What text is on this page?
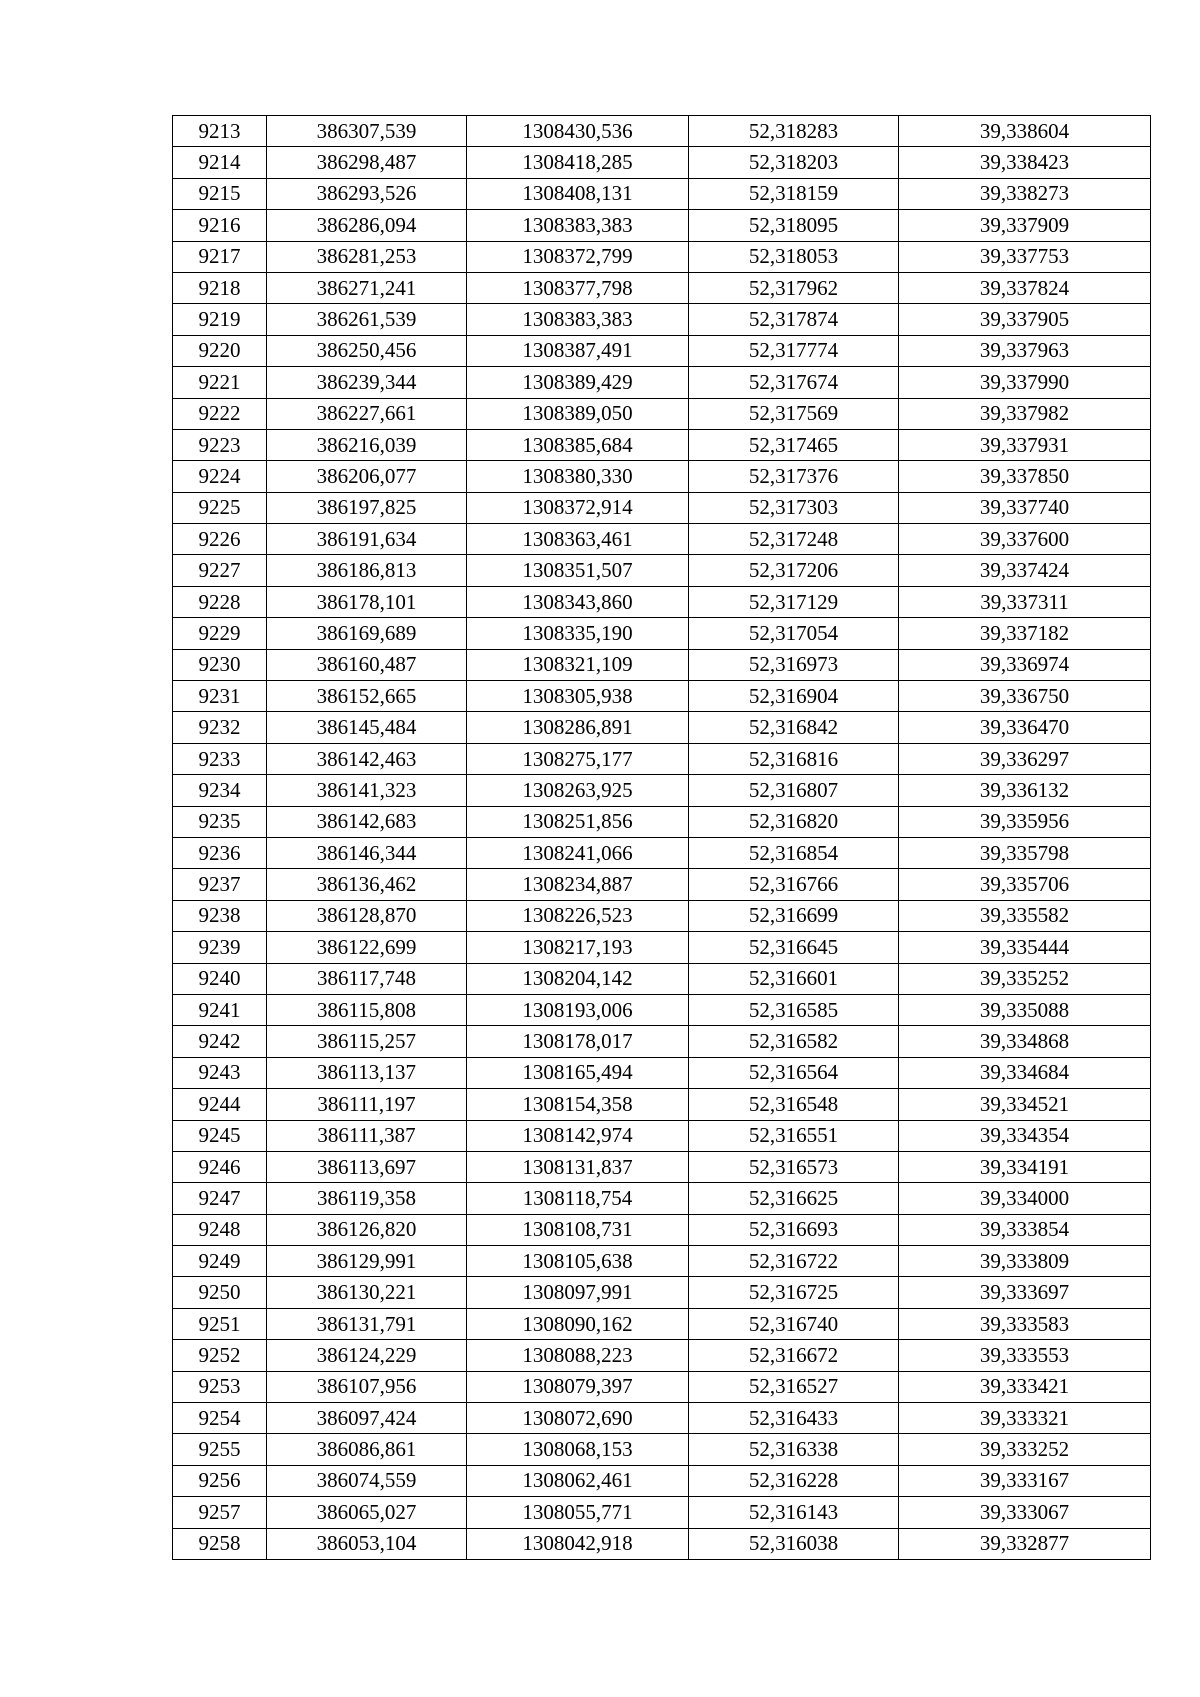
9213	386307,539	1308430,536	52,318283	39,338604
9214	386298,487	1308418,285	52,318203	39,338423
9215	386293,526	1308408,131	52,318159	39,338273
9216	386286,094	1308383,383	52,318095	39,337909
9217	386281,253	1308372,799	52,318053	39,337753
9218	386271,241	1308377,798	52,317962	39,337824
9219	386261,539	1308383,383	52,317874	39,337905
9220	386250,456	1308387,491	52,317774	39,337963
9221	386239,344	1308389,429	52,317674	39,337990
9222	386227,661	1308389,050	52,317569	39,337982
9223	386216,039	1308385,684	52,317465	39,337931
9224	386206,077	1308380,330	52,317376	39,337850
9225	386197,825	1308372,914	52,317303	39,337740
9226	386191,634	1308363,461	52,317248	39,337600
9227	386186,813	1308351,507	52,317206	39,337424
9228	386178,101	1308343,860	52,317129	39,337311
9229	386169,689	1308335,190	52,317054	39,337182
9230	386160,487	1308321,109	52,316973	39,336974
9231	386152,665	1308305,938	52,316904	39,336750
9232	386145,484	1308286,891	52,316842	39,336470
9233	386142,463	1308275,177	52,316816	39,336297
9234	386141,323	1308263,925	52,316807	39,336132
9235	386142,683	1308251,856	52,316820	39,335956
9236	386146,344	1308241,066	52,316854	39,335798
9237	386136,462	1308234,887	52,316766	39,335706
9238	386128,870	1308226,523	52,316699	39,335582
9239	386122,699	1308217,193	52,316645	39,335444
9240	386117,748	1308204,142	52,316601	39,335252
9241	386115,808	1308193,006	52,316585	39,335088
9242	386115,257	1308178,017	52,316582	39,334868
9243	386113,137	1308165,494	52,316564	39,334684
9244	386111,197	1308154,358	52,316548	39,334521
9245	386111,387	1308142,974	52,316551	39,334354
9246	386113,697	1308131,837	52,316573	39,334191
9247	386119,358	1308118,754	52,316625	39,334000
9248	386126,820	1308108,731	52,316693	39,333854
9249	386129,991	1308105,638	52,316722	39,333809
9250	386130,221	1308097,991	52,316725	39,333697
9251	386131,791	1308090,162	52,316740	39,333583
9252	386124,229	1308088,223	52,316672	39,333553
9253	386107,956	1308079,397	52,316527	39,333421
9254	386097,424	1308072,690	52,316433	39,333321
9255	386086,861	1308068,153	52,316338	39,333252
9256	386074,559	1308062,461	52,316228	39,333167
9257	386065,027	1308055,771	52,316143	39,333067
9258	386053,104	1308042,918	52,316038	39,332877
